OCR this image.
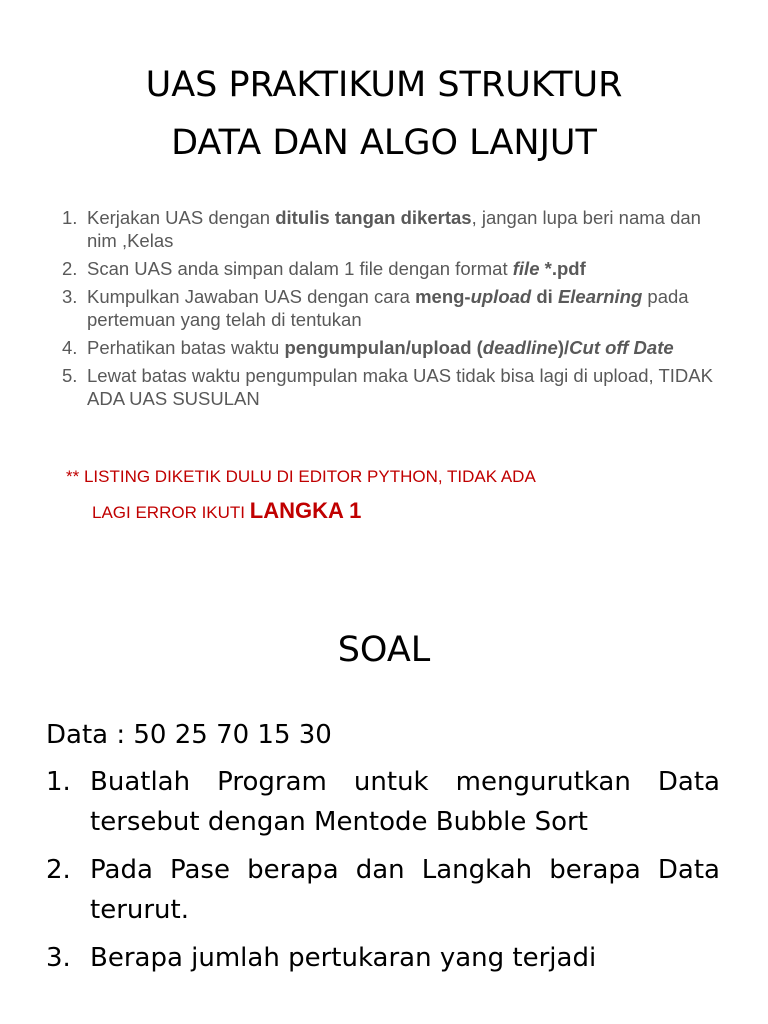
UAS PRAKTIKUM STRUKTUR
DATA DAN ALGO LANJUT
1. Kerjakan UAS dengan ditulis tangan dikertas, jangan lupa beri nama dan nim ,Kelas
2. Scan UAS anda simpan dalam 1 file dengan format file *.pdf
3. Kumpulkan Jawaban UAS dengan cara meng-upload di Elearning pada pertemuan yang telah di tentukan
4. Perhatikan batas waktu pengumpulan/upload (deadline)/Cut off Date
5. Lewat batas waktu pengumpulan maka UAS tidak bisa lagi di upload, TIDAK ADA UAS SUSULAN
** LISTING DIKETIK DULU DI EDITOR PYTHON, TIDAK ADA
LAGI ERROR IKUTI LANGKA 1
SOAL
Data : 50 25 70 15 30
1. Buatlah Program untuk mengurutkan Data tersebut dengan Mentode Bubble Sort
2. Pada Pase berapa dan Langkah berapa Data terurut.
3. Berapa jumlah pertukaran yang terjadi
